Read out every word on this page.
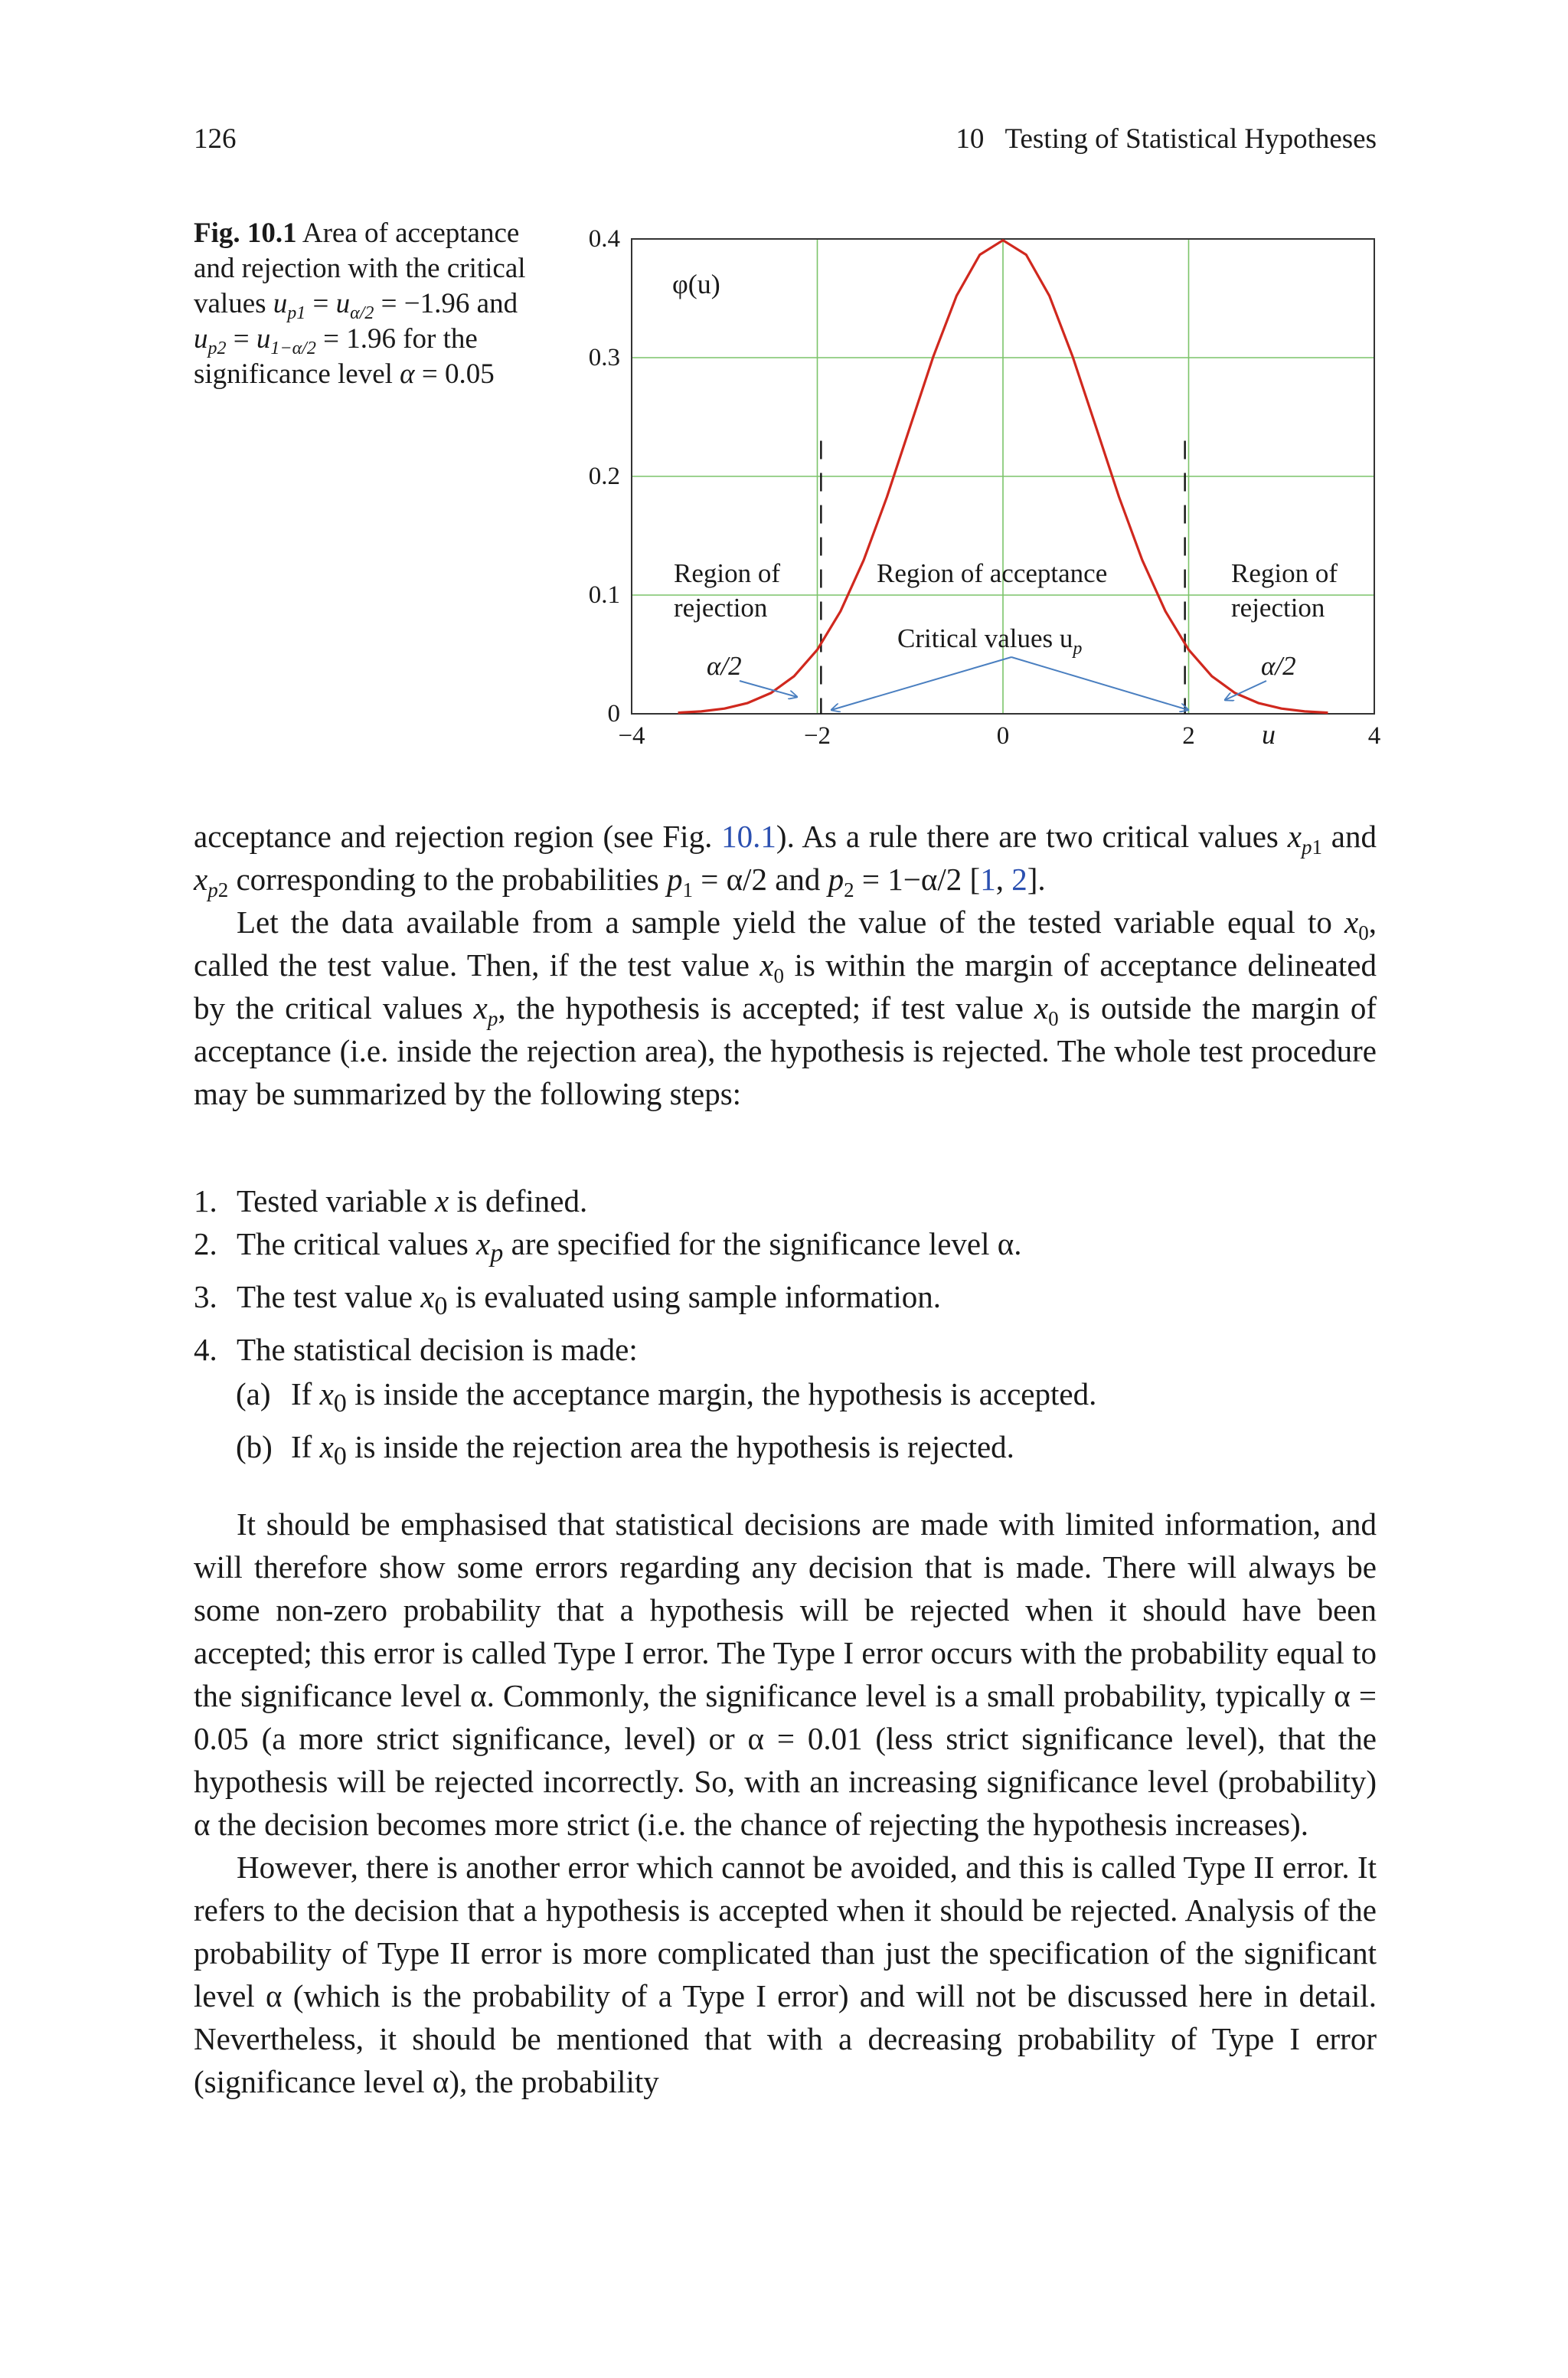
126	10   Testing of Statistical Hypotheses
Fig. 10.1 Area of acceptance and rejection with the critical values $u_{p1} = u_{\alpha/2} = -1.96$ and $u_{p2} = u_{1-\alpha/2} = 1.96$ for the significance level α = 0.05
−4	−2	0	2	4
0
0.1
0.2
0.3
0.4
φ(u)
u
Region of
rejection
Region of acceptance	Region of
rejection
α/2	α/2
Critical values $u_p$

acceptance and rejection region (see Fig. 10.1). As a rule there are two critical values $x_{p1}$ and $x_{p2}$ corresponding to the probabilities $p_1 = \alpha/2$ and $p_2 = 1-\alpha/2$ [1, 2].

Let the data available from a sample yield the value of the tested variable equal to $x_0$, called the test value. Then, if the test value $x_0$ is within the margin of acceptance delineated by the critical values $x_p$, the hypothesis is accepted; if test value $x_0$ is outside the margin of acceptance (i.e. inside the rejection area), the hypothesis is rejected. The whole test procedure may be summarized by the following steps:

1. Tested variable x is defined.
2. The critical values $x_p$ are specified for the significance level α.
3. The test value $x_0$ is evaluated using sample information.
4. The statistical decision is made:
(a) If $x_0$ is inside the acceptance margin, the hypothesis is accepted.
(b) If $x_0$ is inside the rejection area the hypothesis is rejected.

It should be emphasised that statistical decisions are made with limited information, and will therefore show some errors regarding any decision that is made. There will always be some non-zero probability that a hypothesis will be rejected when it should have been accepted; this error is called Type I error. The Type I error occurs with the probability equal to the significance level α. Commonly, the significance level is a small probability, typically α = 0.05 (a more strict significance, level) or α = 0.01 (less strict significance level), that the hypothesis will be rejected incorrectly. So, with an increasing significance level (probability) α the decision becomes more strict (i.e. the chance of rejecting the hypothesis increases).

However, there is another error which cannot be avoided, and this is called Type II error. It refers to the decision that a hypothesis is accepted when it should be rejected. Analysis of the probability of Type II error is more complicated than just the specification of the significant level α (which is the probability of a Type I error) and will not be discussed here in detail. Nevertheless, it should be mentioned that with a decreasing probability of Type I error (significance level α), the probability
